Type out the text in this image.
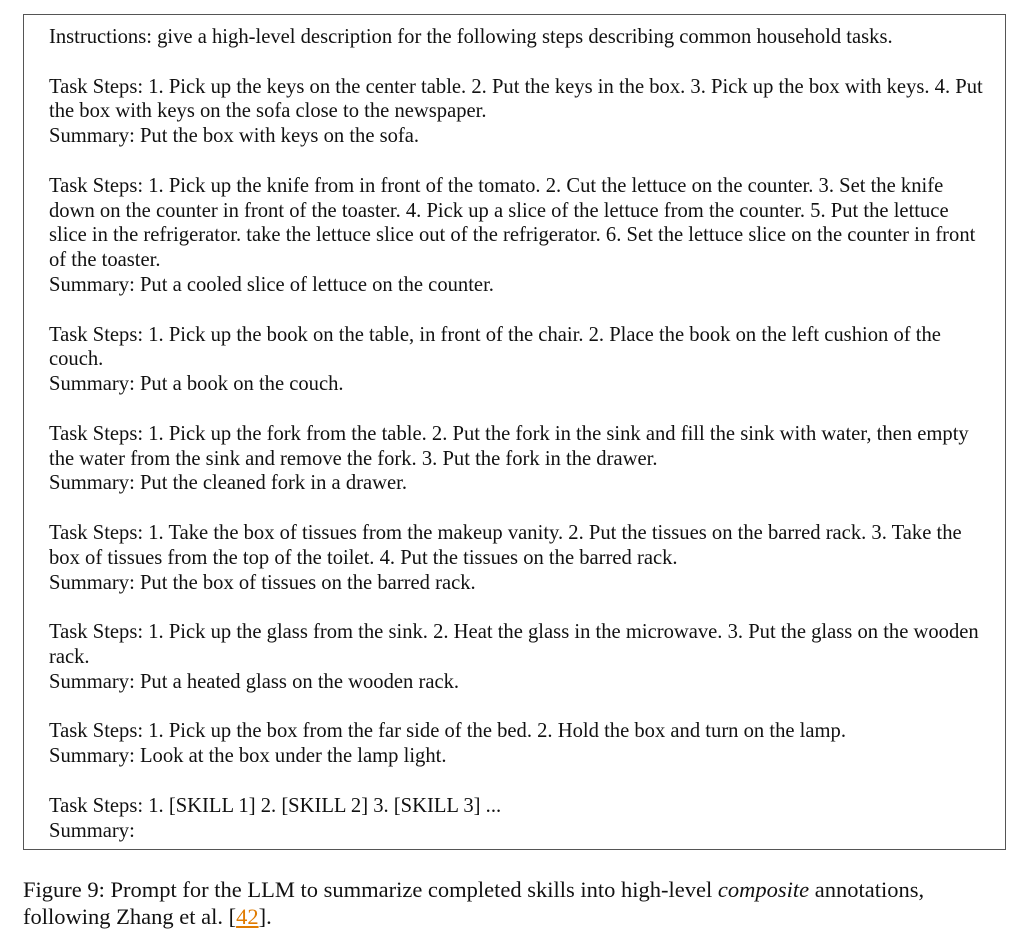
Instructions: give a high-level description for the following steps describing common household tasks.

Task Steps: 1. Pick up the keys on the center table. 2. Put the keys in the box. 3. Pick up the box with keys. 4. Put the box with keys on the sofa close to the newspaper.
Summary: Put the box with keys on the sofa.
Task Steps: 1. Pick up the knife from in front of the tomato. 2. Cut the lettuce on the counter. 3. Set the knife down on the counter in front of the toaster. 4. Pick up a slice of the lettuce from the counter. 5. Put the lettuce slice in the refrigerator. take the lettuce slice out of the refrigerator. 6. Set the lettuce slice on the counter in front of the toaster.
Summary: Put a cooled slice of lettuce on the counter.
Task Steps: 1. Pick up the book on the table, in front of the chair. 2. Place the book on the left cushion of the couch.
Summary: Put a book on the couch.
Task Steps: 1. Pick up the fork from the table. 2. Put the fork in the sink and fill the sink with water, then empty the water from the sink and remove the fork. 3. Put the fork in the drawer.
Summary: Put the cleaned fork in a drawer.
Task Steps: 1. Take the box of tissues from the makeup vanity. 2. Put the tissues on the barred rack. 3. Take the box of tissues from the top of the toilet. 4. Put the tissues on the barred rack.
Summary: Put the box of tissues on the barred rack.
Task Steps: 1. Pick up the glass from the sink. 2. Heat the glass in the microwave. 3. Put the glass on the wooden rack.
Summary: Put a heated glass on the wooden rack.
Task Steps: 1. Pick up the box from the far side of the bed. 2. Hold the box and turn on the lamp.
Summary: Look at the box under the lamp light.
Task Steps: 1. [SKILL 1] 2. [SKILL 2] 3. [SKILL 3] ...
Summary:

Figure 9: Prompt for the LLM to summarize completed skills into high-level composite annotations, following Zhang et al. [42].
